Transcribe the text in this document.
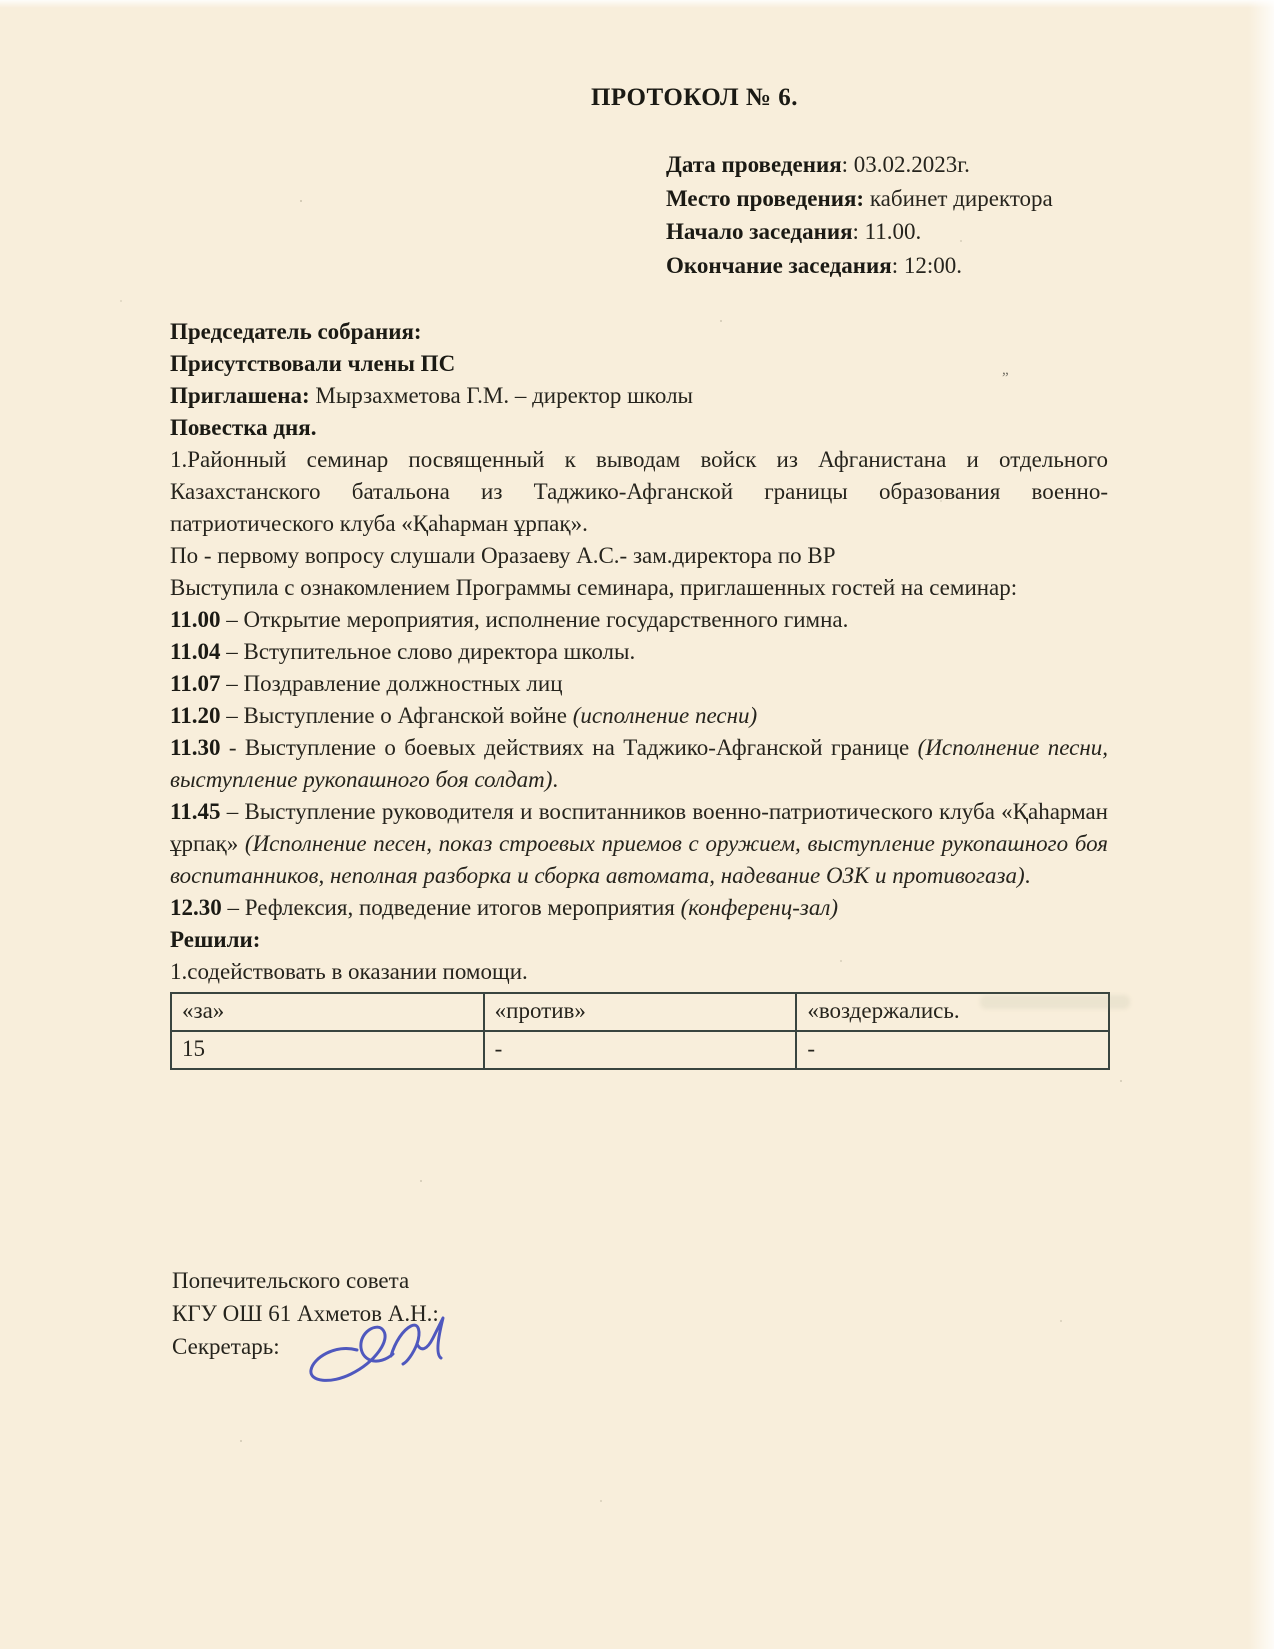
ПРОТОКОЛ № 6.
Дата проведения: 03.02.2023г.
Место проведения: кабинет директора
Начало заседания: 11.00.
Окончание заседания: 12:00.
Председатель собрания:
Присутствовали члены ПС
Приглашена: Мырзахметова Г.М. – директор школы
Повестка дня.
1.Районный семинар посвященный к выводам войск из Афганистана и отдельного Казахстанского батальона из Таджико-Афганской границы образования военно-патриотического клуба «Қаһарман ұрпақ».
По - первому вопросу слушали Оразаеву А.С.- зам.директора по ВР
Выступила с ознакомлением Программы семинара, приглашенных гостей на семинар:
11.00 – Открытие мероприятия, исполнение государственного гимна.
11.04 – Вступительное слово директора школы.
11.07 – Поздравление должностных лиц
11.20 – Выступление о Афганской войне (исполнение песни)
11.30 - Выступление о боевых действиях на Таджико-Афганской границе (Исполнение песни, выступление рукопашного боя солдат).
11.45 – Выступление руководителя и воспитанников военно-патриотического клуба «Қаһарман ұрпақ» (Исполнение песен, показ строевых приемов с оружием, выступление рукопашного боя воспитанников, неполная разборка и сборка автомата, надевание ОЗК и противогаза).
12.30 – Рефлексия, подведение итогов мероприятия (конференц-зал)
Решили:
1.содействовать в оказании помощи.
«за»	«против»	«воздержались.
15	-	-
Попечительского совета
КГУ ОШ 61 Ахметов А.Н.:
Секретарь:
”
